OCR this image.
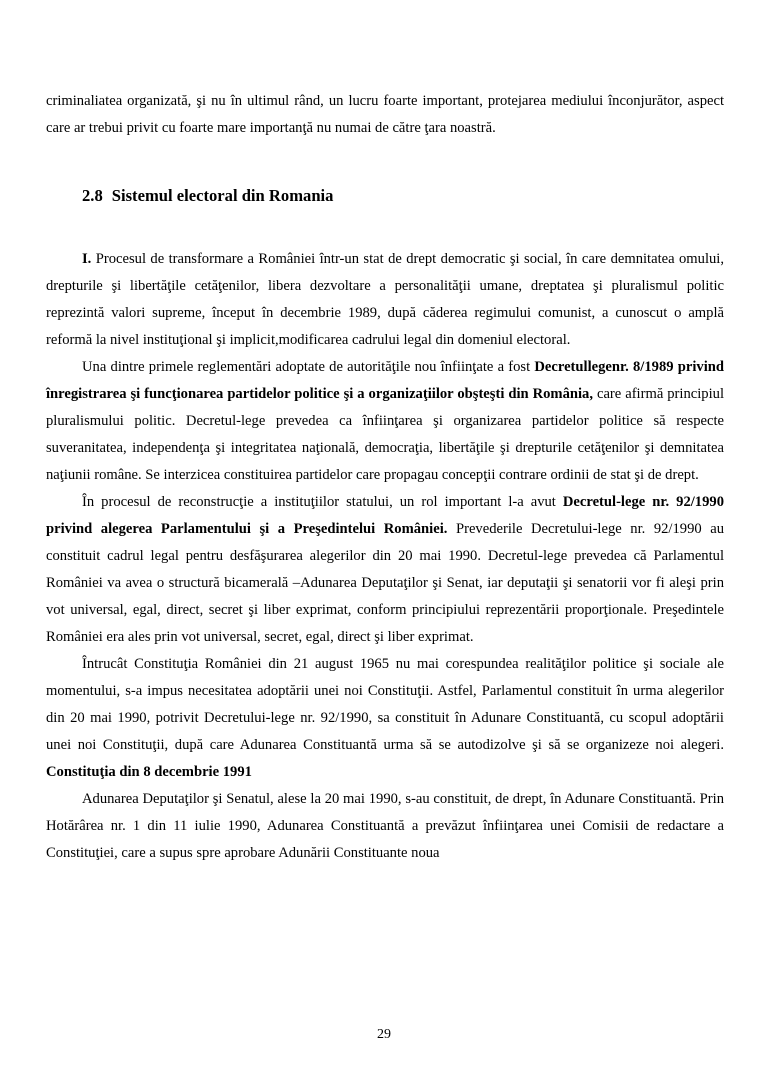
criminaliatea organizată, şi nu în ultimul rând, un lucru foarte important, protejarea mediului înconjurător, aspect care ar trebui privit cu foarte mare importanţă nu numai de către ţara noastră.
2.8 Sistemul electoral din Romania

I. Procesul de transformare a României într-un stat de drept democratic şi social, în care demnitatea omului, drepturile şi libertăţile cetăţenilor, libera dezvoltare a personalităţii umane, dreptatea şi pluralismul politic reprezintă valori supreme, început în decembrie 1989, după căderea regimului comunist, a cunoscut o amplă reformă la nivel instituţional şi implicit,modificarea cadrului legal din domeniul electoral.

Una dintre primele reglementări adoptate de autorităţile nou înfiinţate a fost Decretullegenr. 8/1989 privind înregistrarea şi funcţionarea partidelor politice şi a organizaţiilor obşteşti din România, care afirmă principiul pluralismului politic. Decretul-lege prevedea ca înfiinţarea şi organizarea partidelor politice să respecte suveranitatea, independenţa şi integritatea naţională, democraţia, libertăţile şi drepturile cetăţenilor şi demnitatea naţiunii române. Se interzicea constituirea partidelor care propagau concepţii contrare ordinii de stat şi de drept.

În procesul de reconstrucţie a instituţiilor statului, un rol important l-a avut Decretul-lege nr. 92/1990 privind alegerea Parlamentului şi a Preşedintelui României. Prevederile Decretului-lege nr. 92/1990 au constituit cadrul legal pentru desfăşurarea alegerilor din 20 mai 1990. Decretul-lege prevedea că Parlamentul României va avea o structură bicamerală –Adunarea Deputaţilor şi Senat, iar deputaţii şi senatorii vor fi aleşi prin vot universal, egal, direct, secret şi liber exprimat, conform principiului reprezentării proporţionale. Preşedintele României era ales prin vot universal, secret, egal, direct şi liber exprimat.

Întrucât Constituţia României din 21 august 1965 nu mai corespundea realităţilor politice şi sociale ale momentului, s-a impus necesitatea adoptării unei noi Constituţii. Astfel, Parlamentul constituit în urma alegerilor din 20 mai 1990, potrivit Decretului-lege nr. 92/1990, sa constituit în Adunare Constituantă, cu scopul adoptării unei noi Constituţii, după care Adunarea Constituantă urma să se autodizolve şi să se organizeze noi alegeri. Constituţia din 8 decembrie 1991

Adunarea Deputaţilor şi Senatul, alese la 20 mai 1990, s-au constituit, de drept, în Adunare Constituantă. Prin Hotărârea nr. 1 din 11 iulie 1990, Adunarea Constituantă a prevăzut înfiinţarea unei Comisii de redactare a Constituţiei, care a supus spre aprobare Adunării Constituante noua

29
